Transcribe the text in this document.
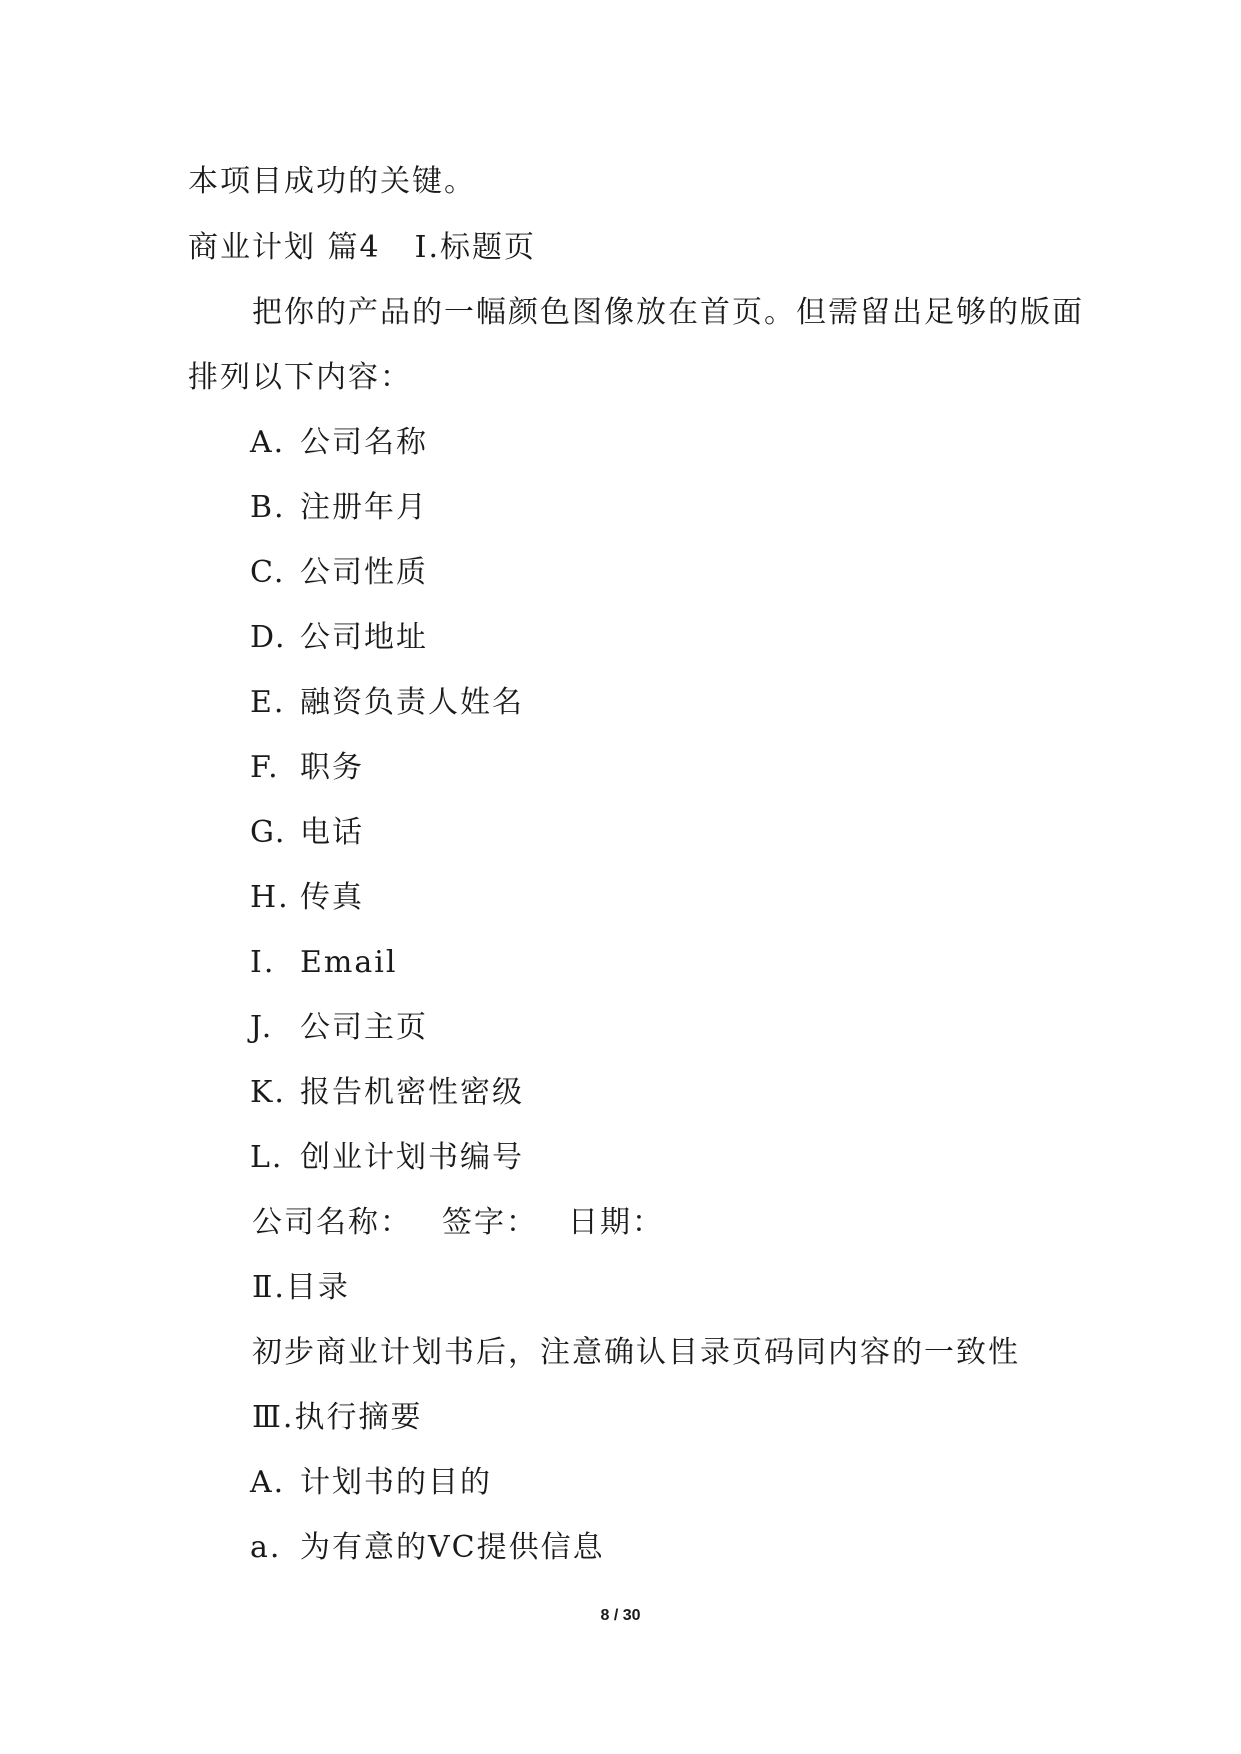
本项目成功的关键。
商业计划 篇4 Ⅰ.标题页
把你的产品的一幅颜色图像放在首页。但需留出足够的版面
排列以下内容：
A. 公司名称
B. 注册年月
C. 公司性质
D. 公司地址
E. 融资负责人姓名
F. 职务
G. 电话
H. 传真
I. Email
J. 公司主页
K. 报告机密性密级
L. 创业计划书编号
公司名称： 签字： 日期：
Ⅱ.目录
初步商业计划书后，注意确认目录页码同内容的一致性
Ⅲ.执行摘要
A. 计划书的目的
a. 为有意的VC提供信息
8 / 30
